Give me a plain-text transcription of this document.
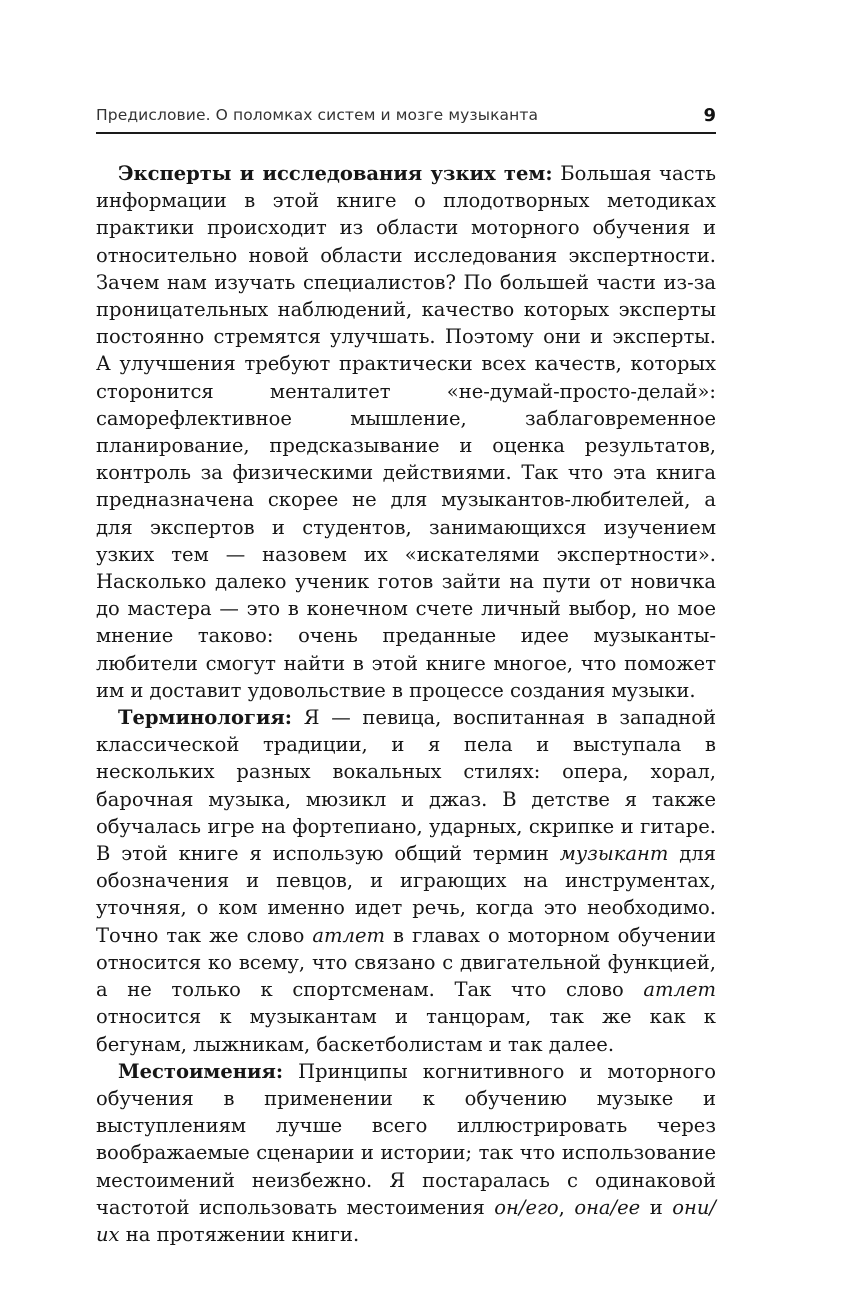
Предисловие. О поломках систем и мозге музыканта	9

Эксперты и исследования узких тем: Большая часть информации в этой книге о плодотворных методиках практики происходит из области моторного обучения и относительно новой области исследования экспертности. Зачем нам изучать специалистов? По большей части из-за проницательных наблюдений, качество которых эксперты постоянно стремятся улучшать. Поэтому они и эксперты. А улучшения требуют практически всех качеств, которых сторонится менталитет «не-думай-просто-делай»: саморефлективное мышление, заблаговременное планирование, предсказывание и оценка результатов, контроль за физическими действиями. Так что эта книга предназначена скорее не для музыкантов-любителей, а для экспертов и студентов, занимающихся изучением узких тем — назовем их «искателями экспертности». Насколько далеко ученик готов зайти на пути от новичка до мастера — это в конечном счете личный выбор, но мое мнение таково: очень преданные идее музыканты-любители смогут найти в этой книге многое, что поможет им и доставит удовольствие в процессе создания музыки.

Терминология: Я — певица, воспитанная в западной классической традиции, и я пела и выступала в нескольких разных вокальных стилях: опера, хорал, барочная музыка, мюзикл и джаз. В детстве я также обучалась игре на фортепиано, ударных, скрипке и гитаре. В этой книге я использую общий термин музыкант для обозначения и певцов, и играющих на инструментах, уточняя, о ком именно идет речь, когда это необходимо. Точно так же слово атлет в главах о моторном обучении относится ко всему, что связано с двигательной функцией, а не только к спортсменам. Так что слово атлет относится к музыкантам и танцорам, так же как к бегунам, лыжникам, баскетболистам и так далее.

Местоимения: Принципы когнитивного и моторного обучения в применении к обучению музыке и выступлениям лучше всего иллюстрировать через воображаемые сценарии и истории; так что использование местоимений неизбежно. Я постаралась с одинаковой частотой использовать местоимения он/его, она/ее и они/их на протяжении книги.
